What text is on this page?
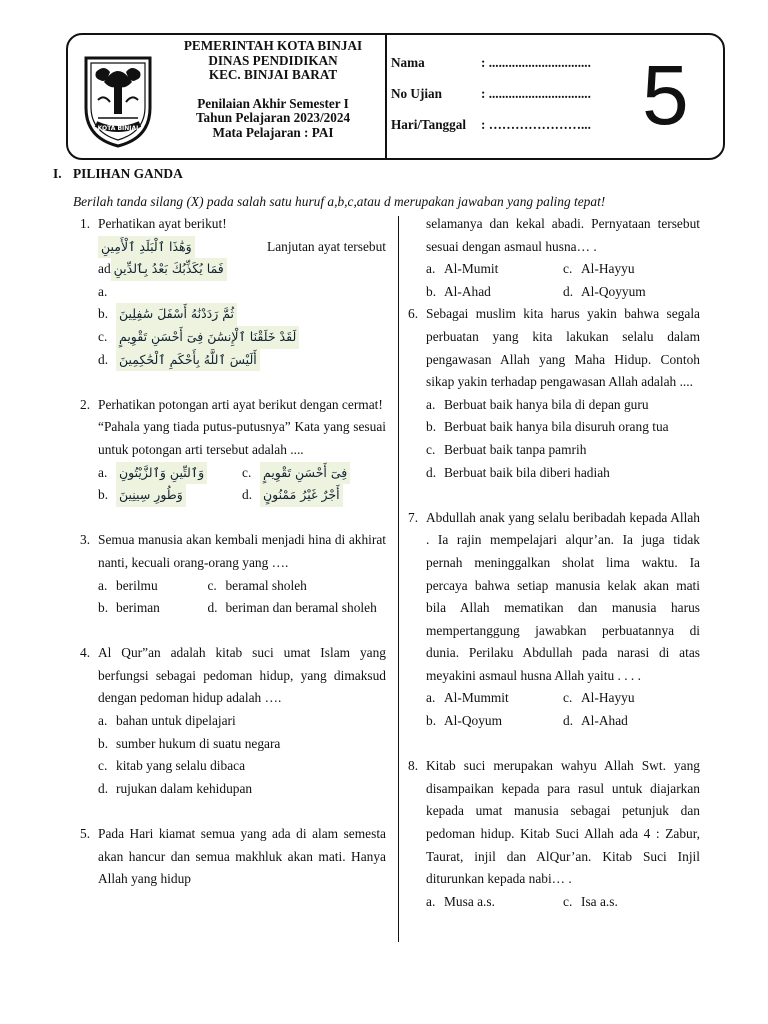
KOTA BINJAI
PEMERINTAH KOTA BINJAI
DINAS PENDIDIKAN
KEC. BINJAI BARAT
Penilaian Akhir Semester I
Tahun Pelajaran 2023/2024
Mata Pelajaran : PAI
Nama	: ...............................
No Ujian	: ...............................
Hari/Tanggal : …………………... 5
I. PILIHAN GANDA
Berilah tanda silang (X) pada salah satu huruf a,b,c,atau d merupakan jawaban yang paling tepat!
1. Perhatikan ayat berikut!
وَهَٰذَا ٱلْبَلَدِ ٱلْأَمِينِ	Lanjutan ayat tersebut
ad فَمَا يُكَذِّبُكَ بَعْدُ بِٱلدِّينِ
a.
b. ثُمَّ رَدَدْنَٰهُ أَسْفَلَ سَٰفِلِينَ
c. لَقَدْ خَلَقْنَا ٱلْإِنسَٰنَ فِىٓ أَحْسَنِ تَقْوِيمٍ
d. أَلَيْسَ ٱللَّهُ بِأَحْكَمِ ٱلْحَٰكِمِينَ
2. Perhatikan potongan arti ayat berikut dengan cermat!
“Pahala yang tiada putus-putusnya” Kata yang sesuai untuk potongan arti tersebut adalah ....
a. وَٱلتِّينِ وَٱلزَّيْتُونِ	c. فِىٓ أَحْسَنِ تَقْوِيمٍ
b. وَطُورِ سِينِينَ	d. أَجْرٌ غَيْرُ مَمْنُونٍ
3. Semua manusia akan kembali menjadi hina di akhirat nanti, kecuali orang-orang yang ….
a. berilmu	c. beramal sholeh
b. beriman	d. beriman dan beramal sholeh
4. Al Qur”an adalah kitab suci umat Islam yang berfungsi sebagai pedoman hidup, yang dimaksud dengan pedoman hidup adalah ….
a. bahan untuk dipelajari
b. sumber hukum di suatu negara
c. kitab yang selalu dibaca
d. rujukan dalam kehidupan
5. Pada Hari kiamat semua yang ada di alam semesta akan hancur dan semua makhluk akan mati. Hanya Allah yang hidup
selamanya dan kekal abadi. Pernyataan tersebut sesuai dengan asmaul husna… .
a. Al-Mumit	c. Al-Hayyu
b. Al-Ahad	d. Al-Qoyyum
6. Sebagai muslim kita harus yakin bahwa segala perbuatan yang kita lakukan selalu dalam pengawasan Allah yang Maha Hidup. Contoh sikap yakin terhadap pengawasan Allah adalah ....
a. Berbuat baik hanya bila di depan guru
b. Berbuat baik hanya bila disuruh orang tua
c. Berbuat baik tanpa pamrih
d. Berbuat baik bila diberi hadiah
7. Abdullah anak yang selalu beribadah kepada Allah . Ia rajin mempelajari alqur’an. Ia juga tidak pernah meninggalkan sholat lima waktu. Ia percaya bahwa setiap manusia kelak akan mati bila Allah mematikan dan manusia harus mempertanggung jawabkan perbuatannya di dunia. Perilaku Abdullah pada narasi di atas meyakini asmaul husna Allah yaitu . . . .
a. Al-Mummit	c. Al-Hayyu
b. Al-Qoyum	d. Al-Ahad
8. Kitab suci merupakan wahyu Allah Swt. yang disampaikan kepada para rasul untuk diajarkan kepada umat manusia sebagai petunjuk dan pedoman hidup. Kitab Suci Allah ada 4 : Zabur, Taurat, injil dan AlQur’an. Kitab Suci Injil diturunkan kepada nabi… .
a. Musa a.s.	c. Isa a.s.
